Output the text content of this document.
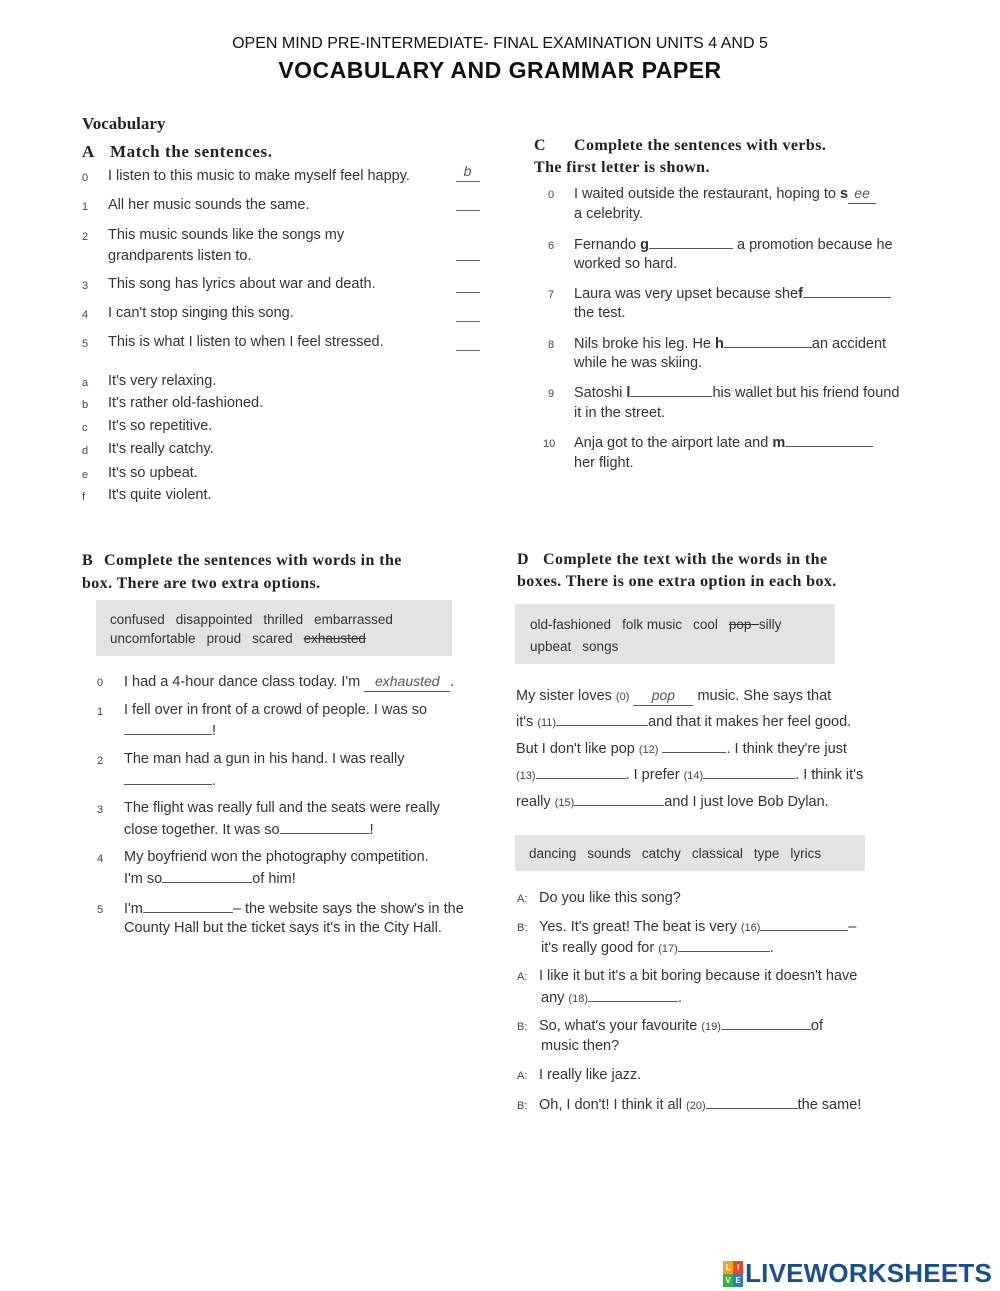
OPEN MIND PRE-INTERMEDIATE- FINAL EXAMINATION UNITS 4 AND 5
VOCABULARY AND GRAMMAR PAPER
Vocabulary
A Match the sentences.
0 I listen to this music to make myself feel happy.	b
1 All her music sounds the same.
2 This music sounds like the songs my
grandparents listen to.
3 This song has lyrics about war and death.
4 I can't stop singing this song.
5 This is what I listen to when I feel stressed.
a It's very relaxing.
b It's rather old-fashioned.
c It's so repetitive.
d It's really catchy.
e It's so upbeat.
f It's quite violent.
C Complete the sentences with verbs.
The first letter is shown.
0 I waited outside the restaurant, hoping to s ee
a celebrity.
6 Fernando g	a promotion because he
worked so hard.
7 Laura was very upset because shef
the test.
8 Nils broke his leg. He h	an accident
while he was skiing.
9 Satoshi l	his wallet but his friend found
it in the street.
10 Anja got to the airport late and m
her flight.
B Complete the sentences with words in the
box. There are two extra options.
confused disappointed thrilled embarrassed
uncomfortable proud scared exhausted
0 I had a 4-hour dance class today. I'm exhausted .
1 I fell over in front of a crowd of people. I was so
!
2 The man had a gun in his hand. I was really
.
3 The flight was really full and the seats were really
close together. It was so	!
4 My boyfriend won the photography competition.
I'm so	of him!
5 I'm	– the website says the show's in the
County Hall but the ticket says it's in the City Hall.
D Complete the text with the words in the
boxes. There is one extra option in each box.
old-fashioned folk music cool pop silly
upbeat songs
My sister loves (0) pop music. She says that
it's (11)	and that it makes her feel good.
But I don't like pop (12)	. I think they're just
(13)	. I prefer (14)	. I think it's
really (15)	and I just love Bob Dylan.
dancing sounds catchy classical type lyrics
A: Do you like this song?
B: Yes. It's great! The beat is very (16)	–
it's really good for (17)	.
A: I like it but it's a bit boring because it doesn't have
any (18)	.
B: So, what's your favourite (19)	of
music then?
A: I really like jazz.
B: Oh, I don't! I think it all (20)	the same!
L I
V E LIVEWORKSHEETS
